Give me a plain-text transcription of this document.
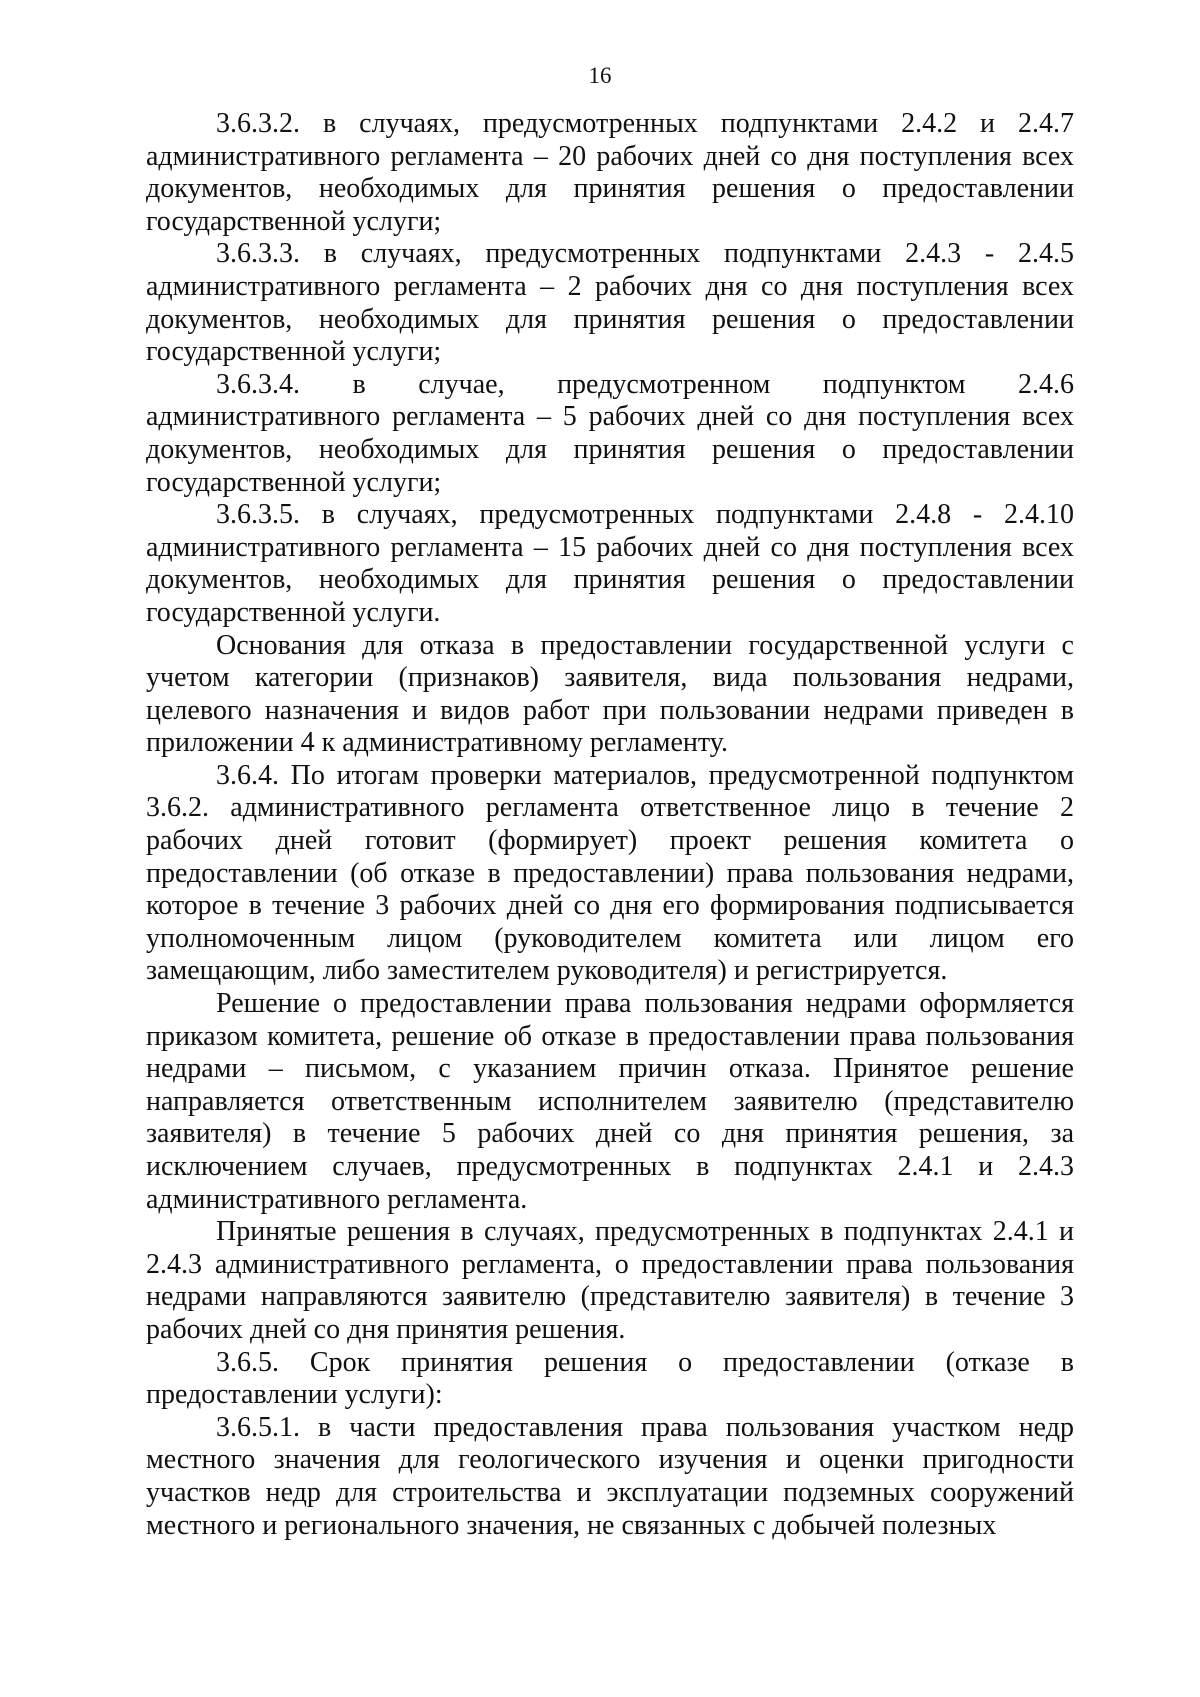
16

3.6.3.2. в случаях, предусмотренных подпунктами 2.4.2 и 2.4.7 административного регламента – 20 рабочих дней со дня поступления всех документов, необходимых для принятия решения о предоставлении государственной услуги;

3.6.3.3. в случаях, предусмотренных подпунктами 2.4.3 - 2.4.5 административного регламента – 2 рабочих дня со дня поступления всех документов, необходимых для принятия решения о предоставлении государственной услуги;

3.6.3.4. в случае, предусмотренном подпунктом 2.4.6 административного регламента – 5 рабочих дней со дня поступления всех документов, необходимых для принятия решения о предоставлении государственной услуги;

3.6.3.5. в случаях, предусмотренных подпунктами 2.4.8 - 2.4.10 административного регламента – 15 рабочих дней со дня поступления всех документов, необходимых для принятия решения о предоставлении государственной услуги.

Основания для отказа в предоставлении государственной услуги с учетом категории (признаков) заявителя, вида пользования недрами, целевого назначения и видов работ при пользовании недрами приведен в приложении 4 к административному регламенту.

3.6.4. По итогам проверки материалов, предусмотренной подпунктом 3.6.2. административного регламента ответственное лицо в течение 2 рабочих дней готовит (формирует) проект решения комитета о предоставлении (об отказе в предоставлении) права пользования недрами, которое в течение 3 рабочих дней со дня его формирования подписывается уполномоченным лицом (руководителем комитета или лицом его замещающим, либо заместителем руководителя) и регистрируется.

Решение о предоставлении права пользования недрами оформляется приказом комитета, решение об отказе в предоставлении права пользования недрами – письмом, с указанием причин отказа. Принятое решение направляется ответственным исполнителем заявителю (представителю заявителя) в течение 5 рабочих дней со дня принятия решения, за исключением случаев, предусмотренных в подпунктах 2.4.1 и 2.4.3 административного регламента.

Принятые решения в случаях, предусмотренных в подпунктах 2.4.1 и 2.4.3 административного регламента, о предоставлении права пользования недрами направляются заявителю (представителю заявителя) в течение 3 рабочих дней со дня принятия решения.

3.6.5. Срок принятия решения о предоставлении (отказе в предоставлении услуги):

3.6.5.1. в части предоставления права пользования участком недр местного значения для геологического изучения и оценки пригодности участков недр для строительства и эксплуатации подземных сооружений местного и регионального значения, не связанных с добычей полезных
